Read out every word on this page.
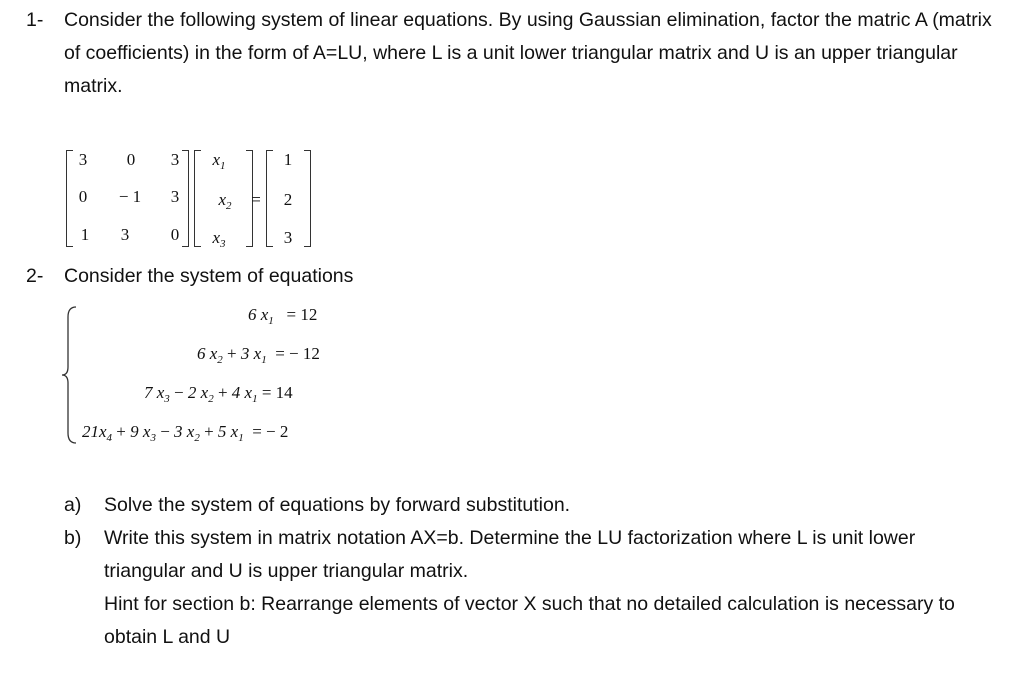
1- Consider the following system of linear equations. By using Gaussian elimination, factor the matric A (matrix of coefficients) in the form of A=LU, where L is a unit lower triangular matrix and U is an upper triangular matrix.
3	0	3
0	− 1	3
1	3	0
$x_1$
$x_2$
$x_3$
=
1
2
3
2- Consider the system of equations
6 $x_1 = 12$
6 $x_2 + 3$ $x_1$  = − 12
7 $x_3 - 2$ $x_2 + 4$ $x_1 = 14$
$21x_4 + 9$ $x_3 - 3$ $x_2 + 5$ $x_1$  = − 2
a) Solve the system of equations by forward substitution.
b) Write this system in matrix notation AX=b. Determine the LU factorization where L is unit lower triangular and U is upper triangular matrix.
Hint for section b: Rearrange elements of vector X such that no detailed calculation is necessary to obtain L and U
